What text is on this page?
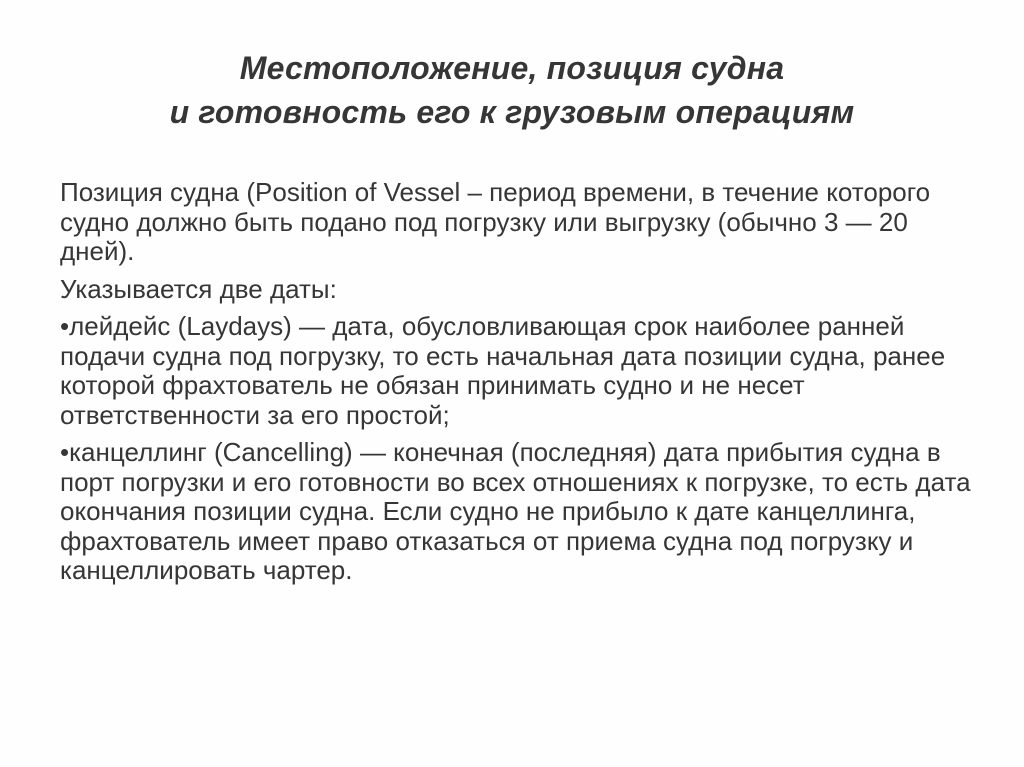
Местоположение, позиция судна
и готовность его к грузовым операциям

Позиция судна (Position of Vessel – период времени, в течение которого судно должно быть подано под погрузку или выгрузку (обычно 3 — 20 дней).

Указывается две даты:

•лейдейс (Laydays) — дата, обусловливающая срок наиболее ранней подачи судна под погрузку, то есть начальная дата позиции судна, ранее которой фрахтователь не обязан принимать судно и не несет ответственности за его простой;

•канцеллинг (Cancelling) — конечная (последняя) дата прибытия судна в порт погрузки и его готовности во всех отношениях к погрузке, то есть дата окончания позиции судна. Если судно не прибыло к дате канцеллинга, фрахтователь имеет право отказаться от приема судна под погрузку и канцеллировать чартер.
